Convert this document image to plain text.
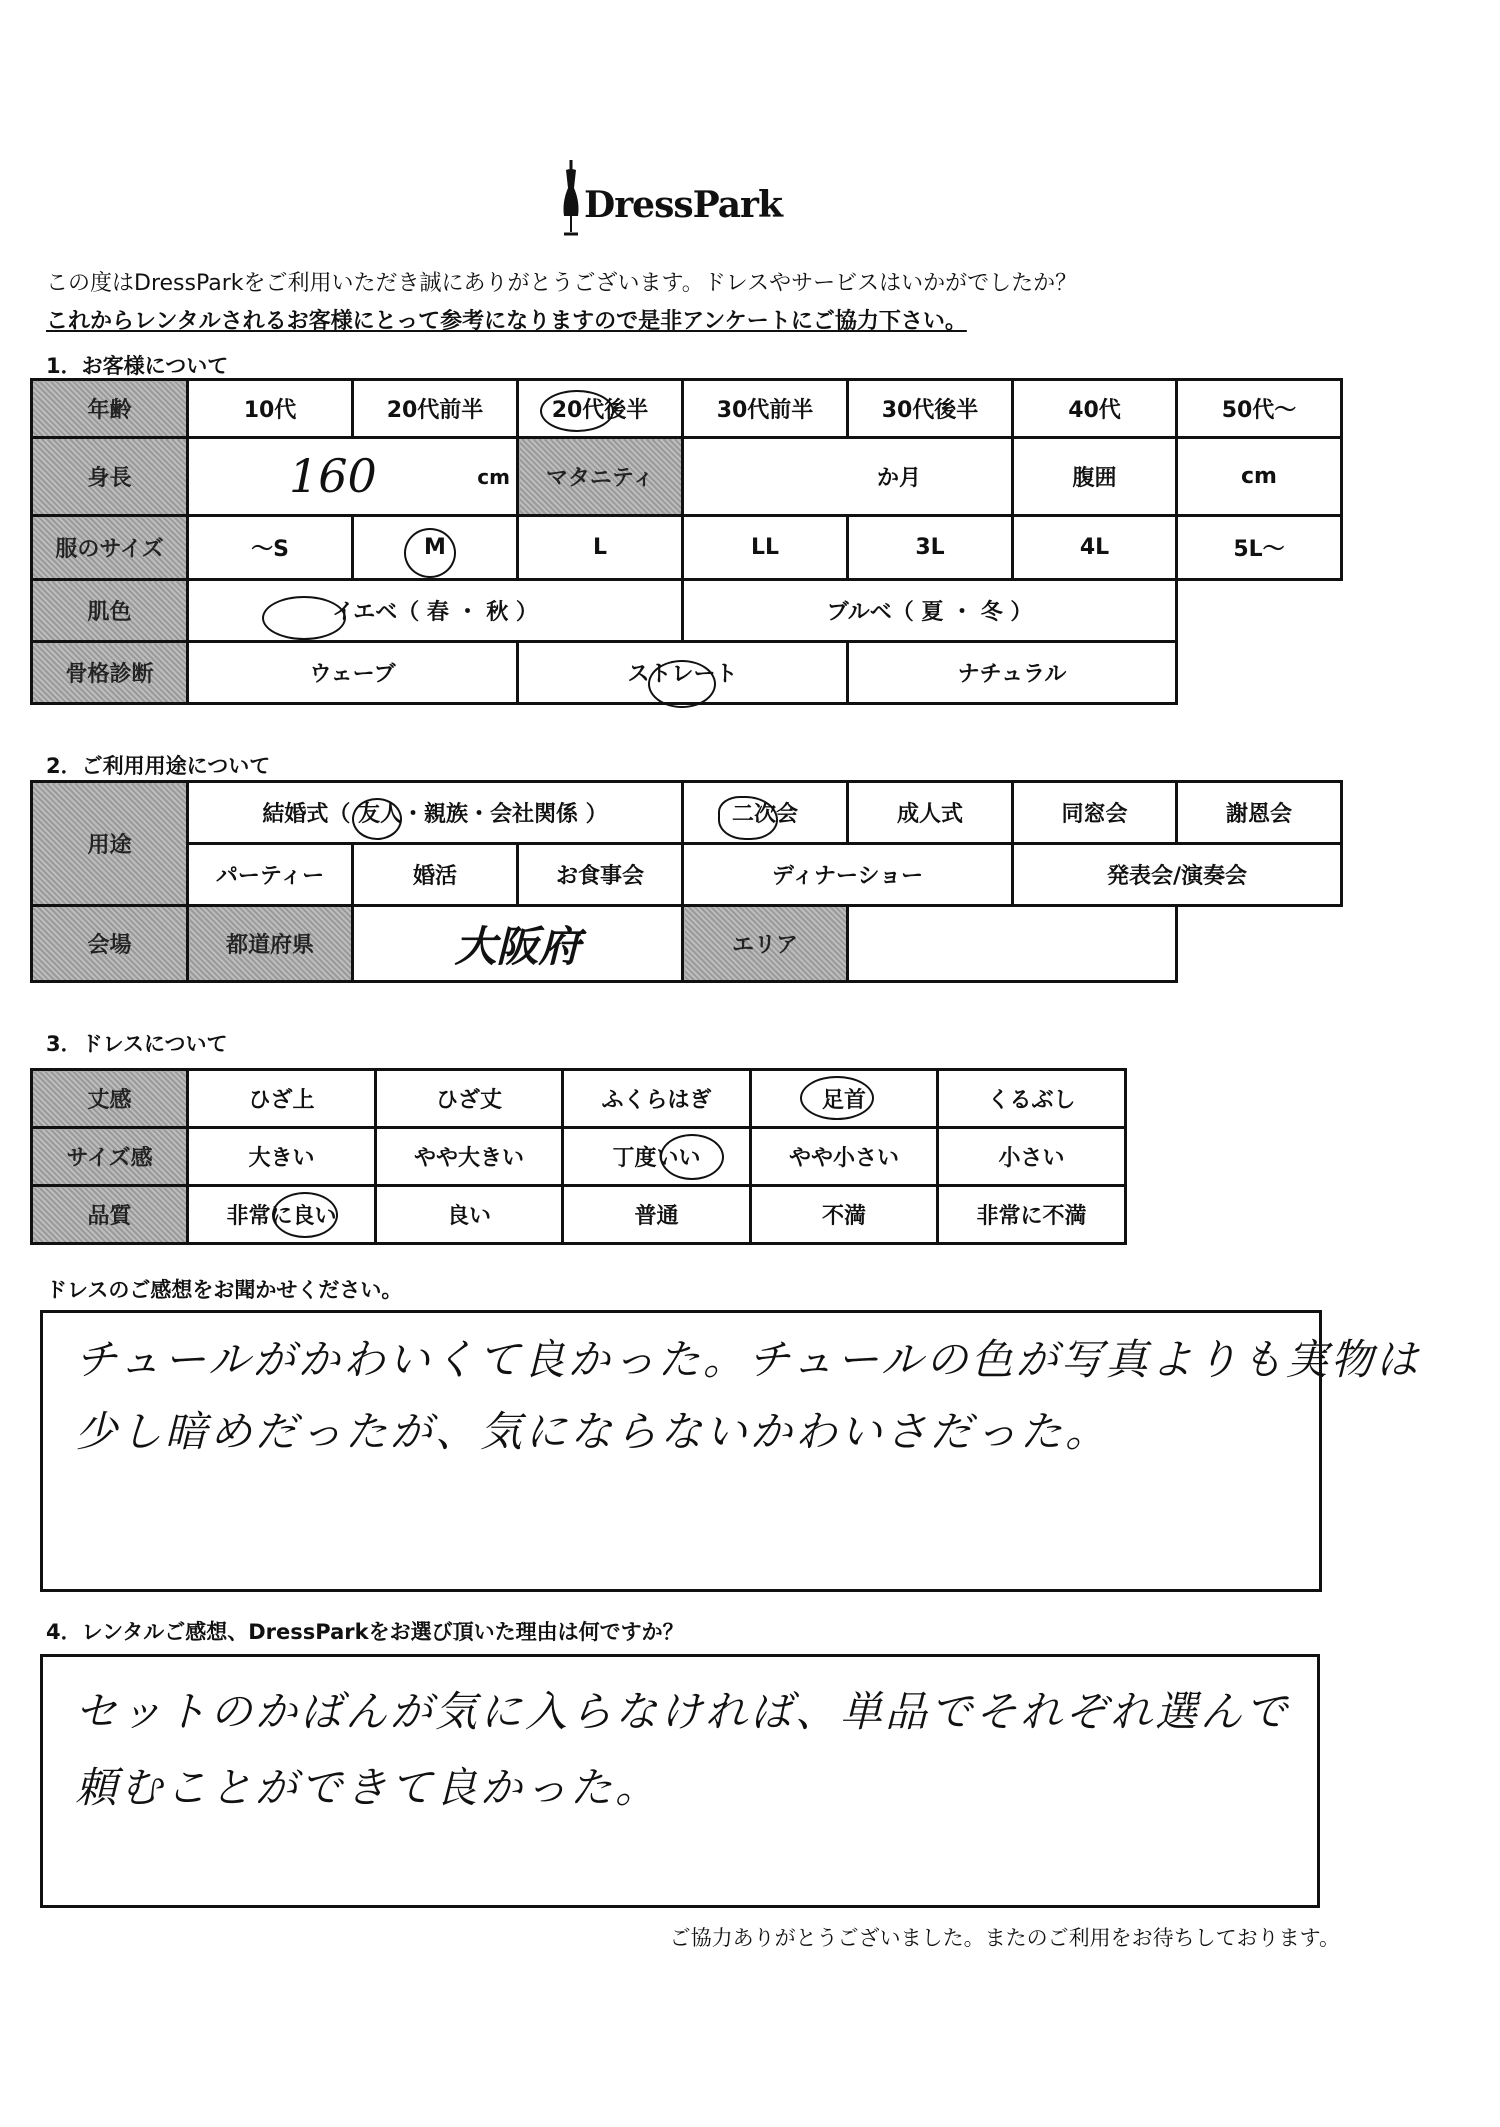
DressPark
この度はDressParkをご利用いただき誠にありがとうございます。ドレスやサービスはいかがでしたか？
これからレンタルされるお客様にとって参考になりますので是非アンケートにご協力下さい。
1．お客様について
年齢	10代	20代前半	20代後半	30代前半	30代後半	40代	50代～
身長	160 cm		マタニティ	か月		腹囲	cm
服のサイズ	～S	M	L	LL	3L	4L	5L～
肌色	イエベ（ 春 ・ 秋 ）			ブルベ（ 夏 ・ 冬 ）			
骨格診断	ウェーブ		ストレート		ナチュラル		
2．ご利用用途について
用途	結婚式（ 友人・親族・会社関係 ）			二次会	成人式	同窓会	謝恩会
	パーティー	婚活	お食事会	ディナーショー		発表会/演奏会	
会場	都道府県	大阪府		エリア			
3．ドレスについて
丈感	ひざ上	ひざ丈	ふくらはぎ	足首	くるぶし
サイズ感	大きい	やや大きい	丁度いい	やや小さい	小さい
品質	非常に良い	良い	普通	不満	非常に不満
ドレスのご感想をお聞かせください。
チュールがかわいくて良かった。チュールの色が写真よりも実物は
少し暗めだったが、気にならないかわいさだった。
4．レンタルご感想、DressParkをお選び頂いた理由は何ですか？
セットのかばんが気に入らなければ、単品でそれぞれ選んで
頼むことができて良かった。
ご協力ありがとうございました。またのご利用をお待ちしております。
